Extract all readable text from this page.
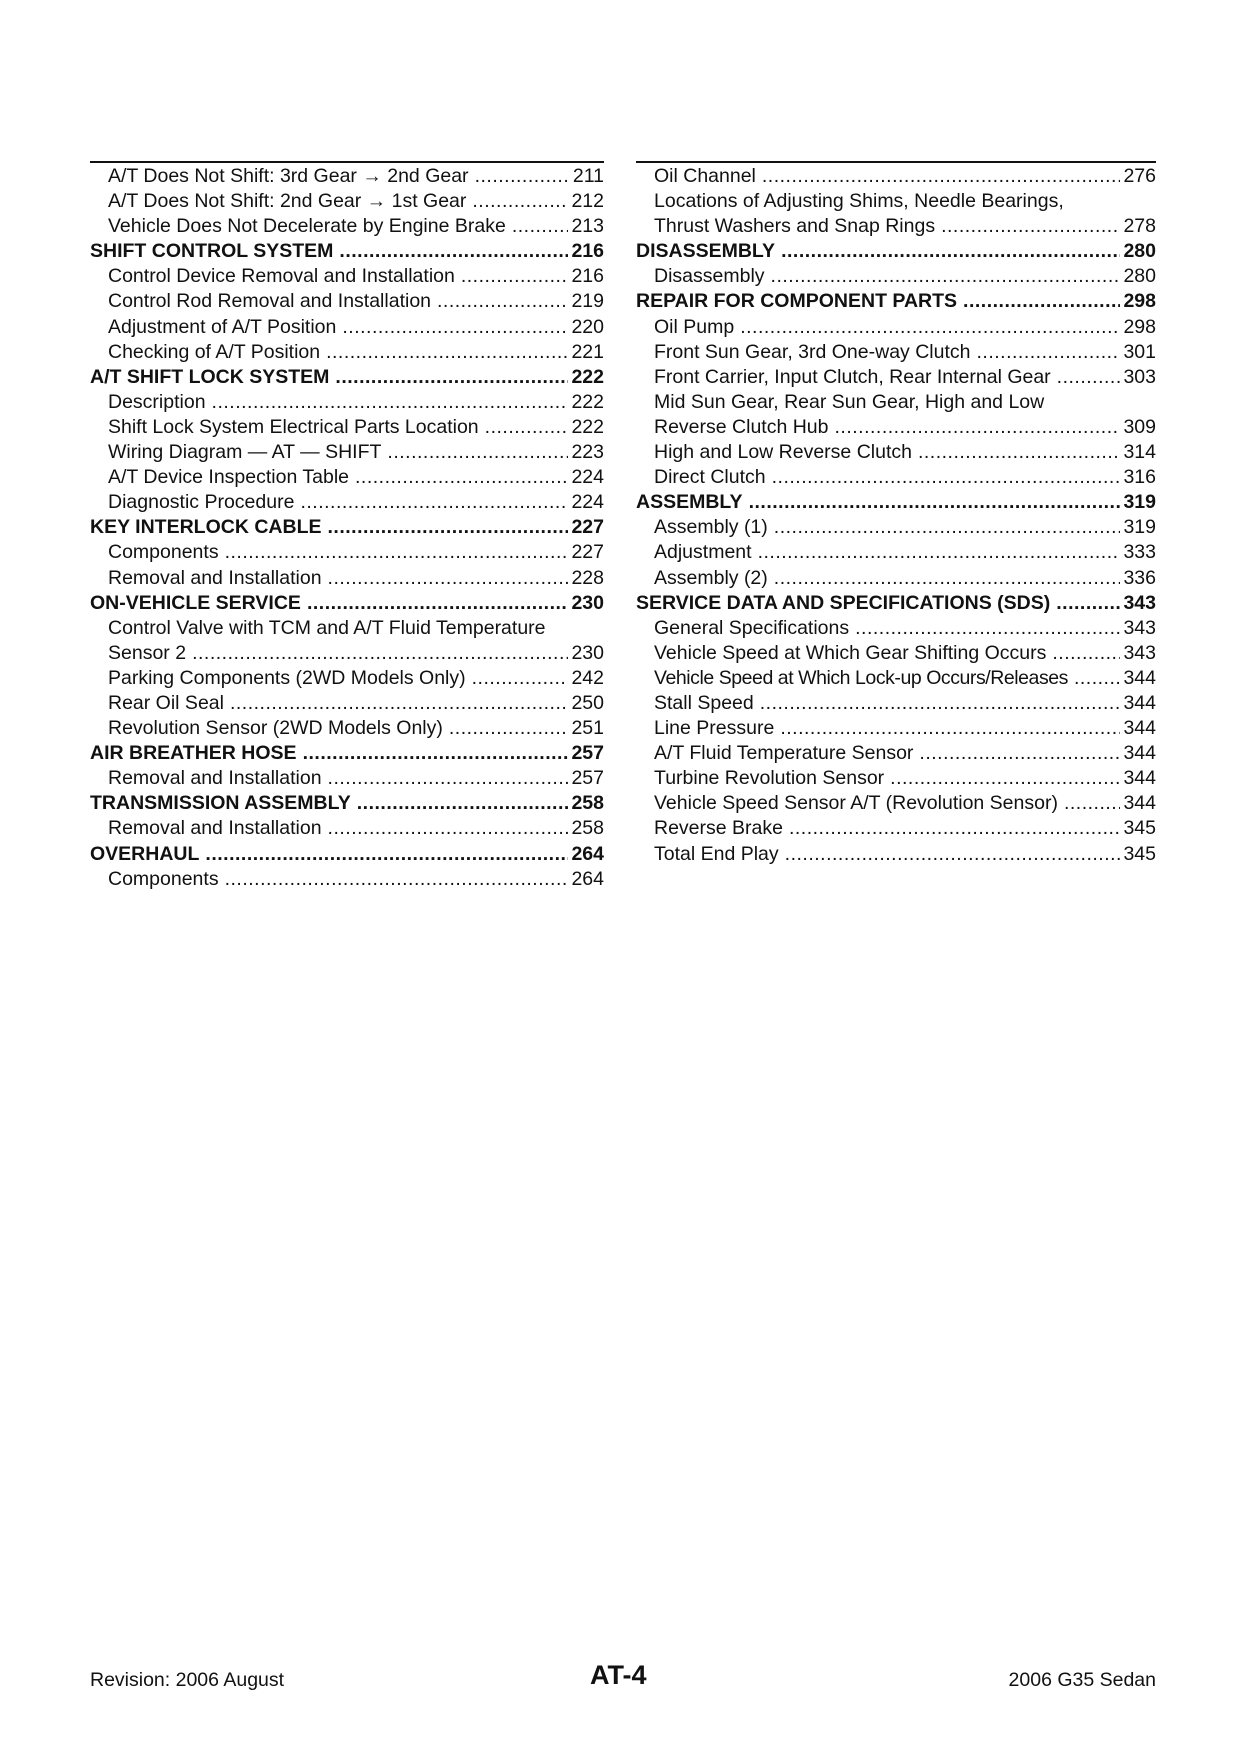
A/T Does Not Shift: 3rd Gear → 2nd Gear .....	211
A/T Does Not Shift: 2nd Gear → 1st Gear .....	212
Vehicle Does Not Decelerate by Engine Brake .....	213
SHIFT CONTROL SYSTEM .....	216
Control Device Removal and Installation .....	216
Control Rod Removal and Installation .....	219
Adjustment of A/T Position .....	220
Checking of A/T Position .....	221
A/T SHIFT LOCK SYSTEM .....	222
Description .....	222
Shift Lock System Electrical Parts Location .....	222
Wiring Diagram — AT — SHIFT .....	223
A/T Device Inspection Table .....	224
Diagnostic Procedure .....	224
KEY INTERLOCK CABLE .....	227
Components .....	227
Removal and Installation .....	228
ON-VEHICLE SERVICE .....	230
Control Valve with TCM and A/T Fluid Temperature
Sensor 2 .....	230
Parking Components (2WD Models Only) .....	242
Rear Oil Seal .....	250
Revolution Sensor (2WD Models Only) .....	251
AIR BREATHER HOSE .....	257
Removal and Installation .....	257
TRANSMISSION ASSEMBLY .....	258
Removal and Installation .....	258
OVERHAUL .....	264
Components .....	264
Oil Channel .....	276
Locations of Adjusting Shims, Needle Bearings,
Thrust Washers and Snap Rings .....	278
DISASSEMBLY .....	280
Disassembly .....	280
REPAIR FOR COMPONENT PARTS .....	298
Oil Pump .....	298
Front Sun Gear, 3rd One-way Clutch .....	301
Front Carrier, Input Clutch, Rear Internal Gear .....	303
Mid Sun Gear, Rear Sun Gear, High and Low
Reverse Clutch Hub .....	309
High and Low Reverse Clutch .....	314
Direct Clutch .....	316
ASSEMBLY .....	319
Assembly (1) .....	319
Adjustment .....	333
Assembly (2) .....	336
SERVICE DATA AND SPECIFICATIONS (SDS) .....	343
General Specifications .....	343
Vehicle Speed at Which Gear Shifting Occurs .....	343
Vehicle Speed at Which Lock-up Occurs/Releases .....	344
Stall Speed .....	344
Line Pressure .....	344
A/T Fluid Temperature Sensor .....	344
Turbine Revolution Sensor .....	344
Vehicle Speed Sensor A/T (Revolution Sensor) .....	344
Reverse Brake .....	345
Total End Play .....	345
Revision: 2006 August	AT-4	2006 G35 Sedan
